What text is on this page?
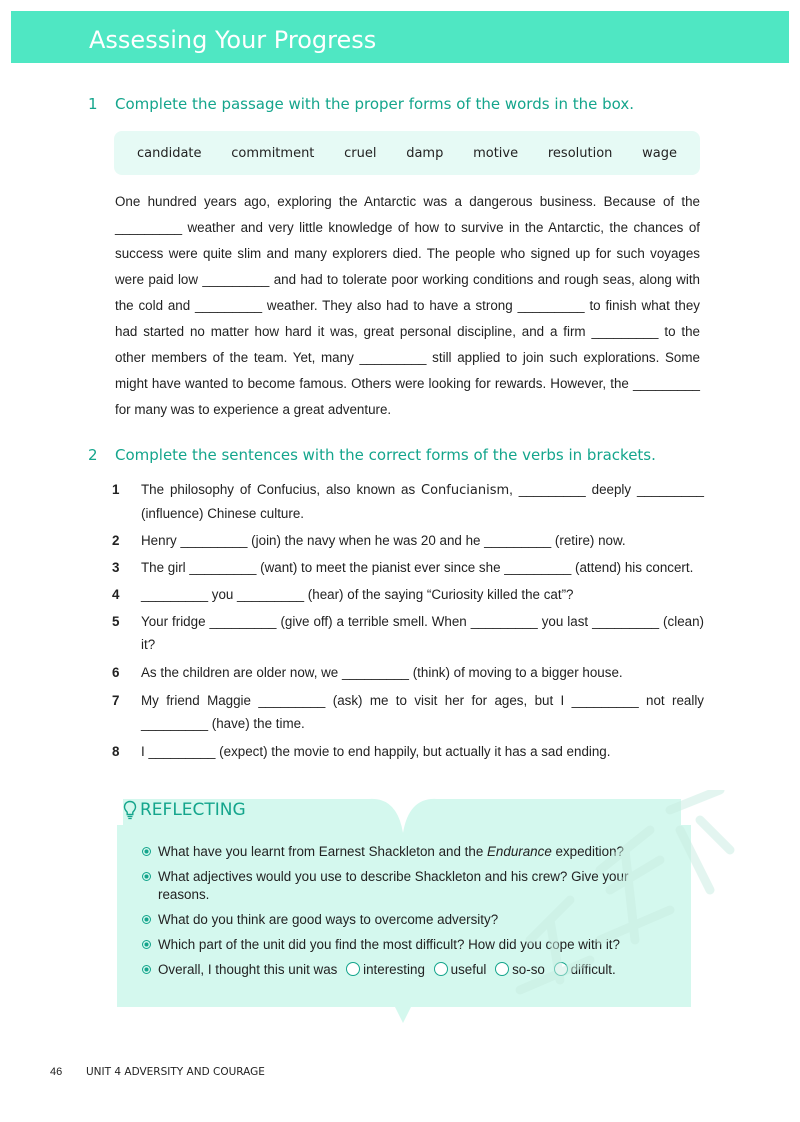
Assessing Your Progress
1 Complete the passage with the proper forms of the words in the box.
candidate commitment cruel damp motive resolution wage

One hundred years ago, exploring the Antarctic was a dangerous business. Because of the _________ weather and very little knowledge of how to survive in the Antarctic, the chances of success were quite slim and many explorers died. The people who signed up for such voyages were paid low _________ and had to tolerate poor working conditions and rough seas, along with the cold and _________ weather. They also had to have a strong _________ to finish what they had started no matter how hard it was, great personal discipline, and a firm _________ to the other members of the team. Yet, many _________ still applied to join such explorations. Some might have wanted to become famous. Others were looking for rewards. However, the _________ for many was to experience a great adventure.

2 Complete the sentences with the correct forms of the verbs in brackets.
1 The philosophy of Confucius, also known as Confucianism, _________ deeply _________ (influence) Chinese culture.
2 Henry _________ (join) the navy when he was 20 and he _________ (retire) now.
3 The girl _________ (want) to meet the pianist ever since she _________ (attend) his concert.
4 _________ you _________ (hear) of the saying “Curiosity killed the cat”?
5 Your fridge _________ (give off) a terrible smell. When _________ you last _________ (clean) it?
6 As the children are older now, we _________ (think) of moving to a bigger house.
7 My friend Maggie _________ (ask) me to visit her for ages, but I _________ not really _________ (have) the time.
8 I _________ (expect) the movie to end happily, but actually it has a sad ending.
REFLECTING
What have you learnt from Earnest Shackleton and the Endurance expedition?
What adjectives would you use to describe Shackleton and his crew? Give your reasons.
What do you think are good ways to overcome adversity?
Which part of the unit did you find the most difficult? How did you cope with it?
Overall, I thought this unit was interesting useful so-so difficult.
46 UNIT 4 ADVERSITY AND COURAGE
